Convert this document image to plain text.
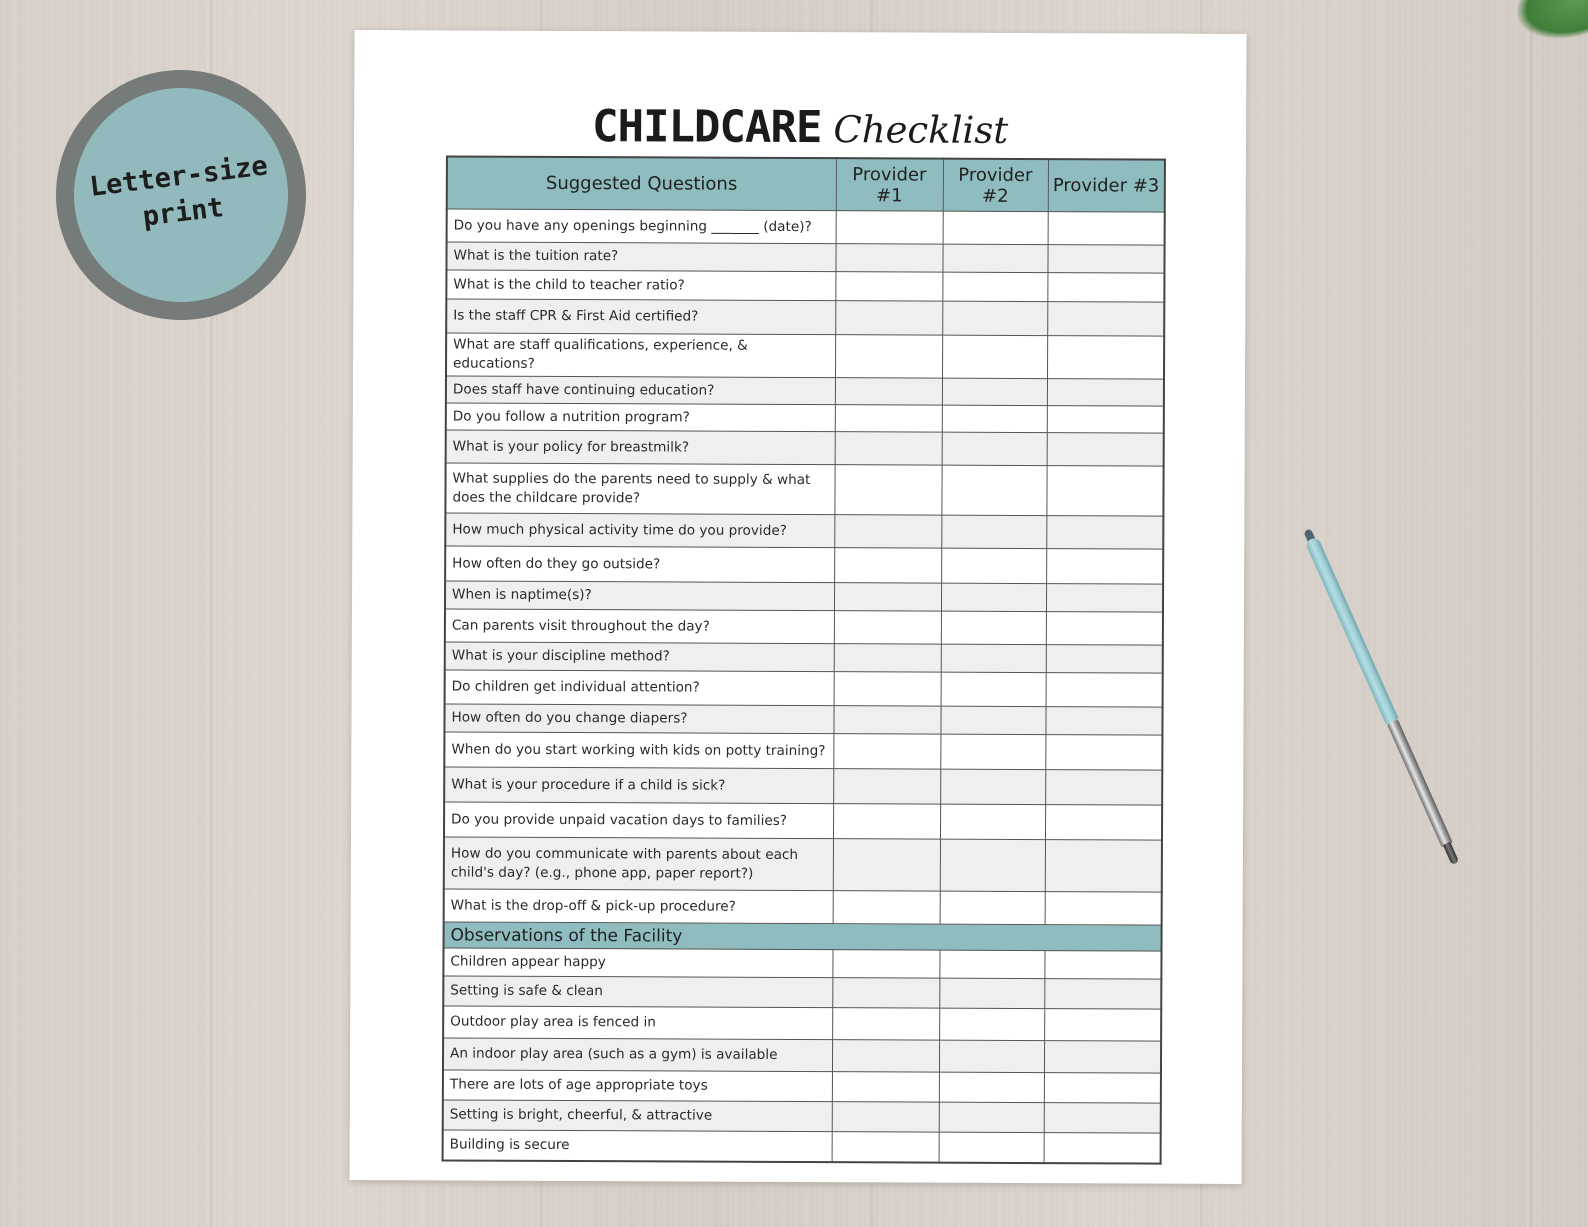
Letter-size
print
CHILDCARE Checklist
Suggested Questions	Provider #1	Provider #2	Provider #3
Do you have any openings beginning _______ (date)?			
What is the tuition rate?			
What is the child to teacher ratio?			
Is the staff CPR & First Aid certified?			
What are staff qualifications, experience, & educations?			
Does staff have continuing education?			
Do you follow a nutrition program?			
What is your policy for breastmilk?			
What supplies do the parents need to supply & what does the childcare provide?			
How much physical activity time do you provide?			
How often do they go outside?			
When is naptime(s)?			
Can parents visit throughout the day?			
What is your discipline method?			
Do children get individual attention?			
How often do you change diapers?			
When do you start working with kids on potty training?			
What is your procedure if a child is sick?			
Do you provide unpaid vacation days to families?			
How do you communicate with parents about each child's day? (e.g., phone app, paper report?)			
What is the drop-off & pick-up procedure?			
Observations of the Facility			
Children appear happy			
Setting is safe & clean			
Outdoor play area is fenced in			
An indoor play area (such as a gym) is available			
There are lots of age appropriate toys			
Setting is bright, cheerful, & attractive			
Building is secure			
